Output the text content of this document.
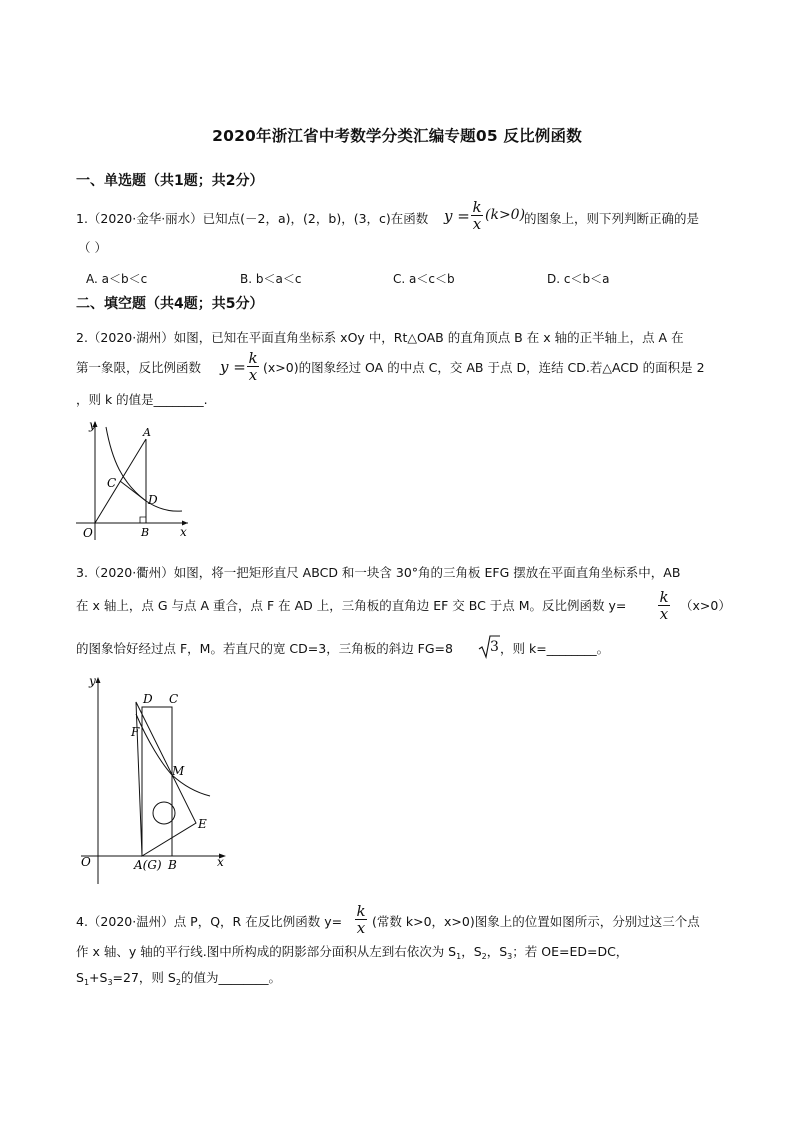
2020年浙江省中考数学分类汇编专题05 反比例函数
一、单选题（共1题；共2分）
1.（2020·金华·丽水）已知点(－2，a)，(2，b)，(3，c)在函数 y = k
x (k>0)
的图象上，则下列判断正确的是
（ ）
A. a＜b＜c	B. b＜a＜c	C. a＜c＜b	D. c＜b＜a
二、填空题（共4题；共5分）
2.（2020·湖州）如图，已知在平面直角坐标系 xOy 中，Rt△OAB 的直角顶点 B 在 x 轴的正半轴上，点 A 在
第一象限，反比例函数 y = k
x (x>0)的图象经过 OA 的中点 C，交 AB 于点 D，连结 CD.若△ACD 的面积是 2
，则 k 的值是________.
y
x
O
A
B
C
D
3.（2020·衢州）如图，将一把矩形直尺 ABCD 和一块含 30°角的三角板 EFG 摆放在平面直角坐标系中，AB
在 x 轴上，点 G 与点 A 重合，点 F 在 AD 上，三角板的直角边 EF 交 BC 于点 M。反比例函数 y= k
x （x>0）
的图象恰好经过点 F，M。若直尺的宽 CD=3，三角板的斜边 FG=8	3 ，则 k=________。
y
x
O
D C
F
M
E
A(G) B
4.（2020·温州）点 P，Q，R 在反比例函数 y=
k
x (常数 k>0，x>0)图象上的位置如图所示，分别过这三个点
作 x 轴、y 轴的平行线.图中所构成的阴影部分面积从左到右依次为 $S_1$，$S_2$，$S_3$；若 OE=ED=DC，
$S_1+S_3=27$，则 $S_2$的值为________。
